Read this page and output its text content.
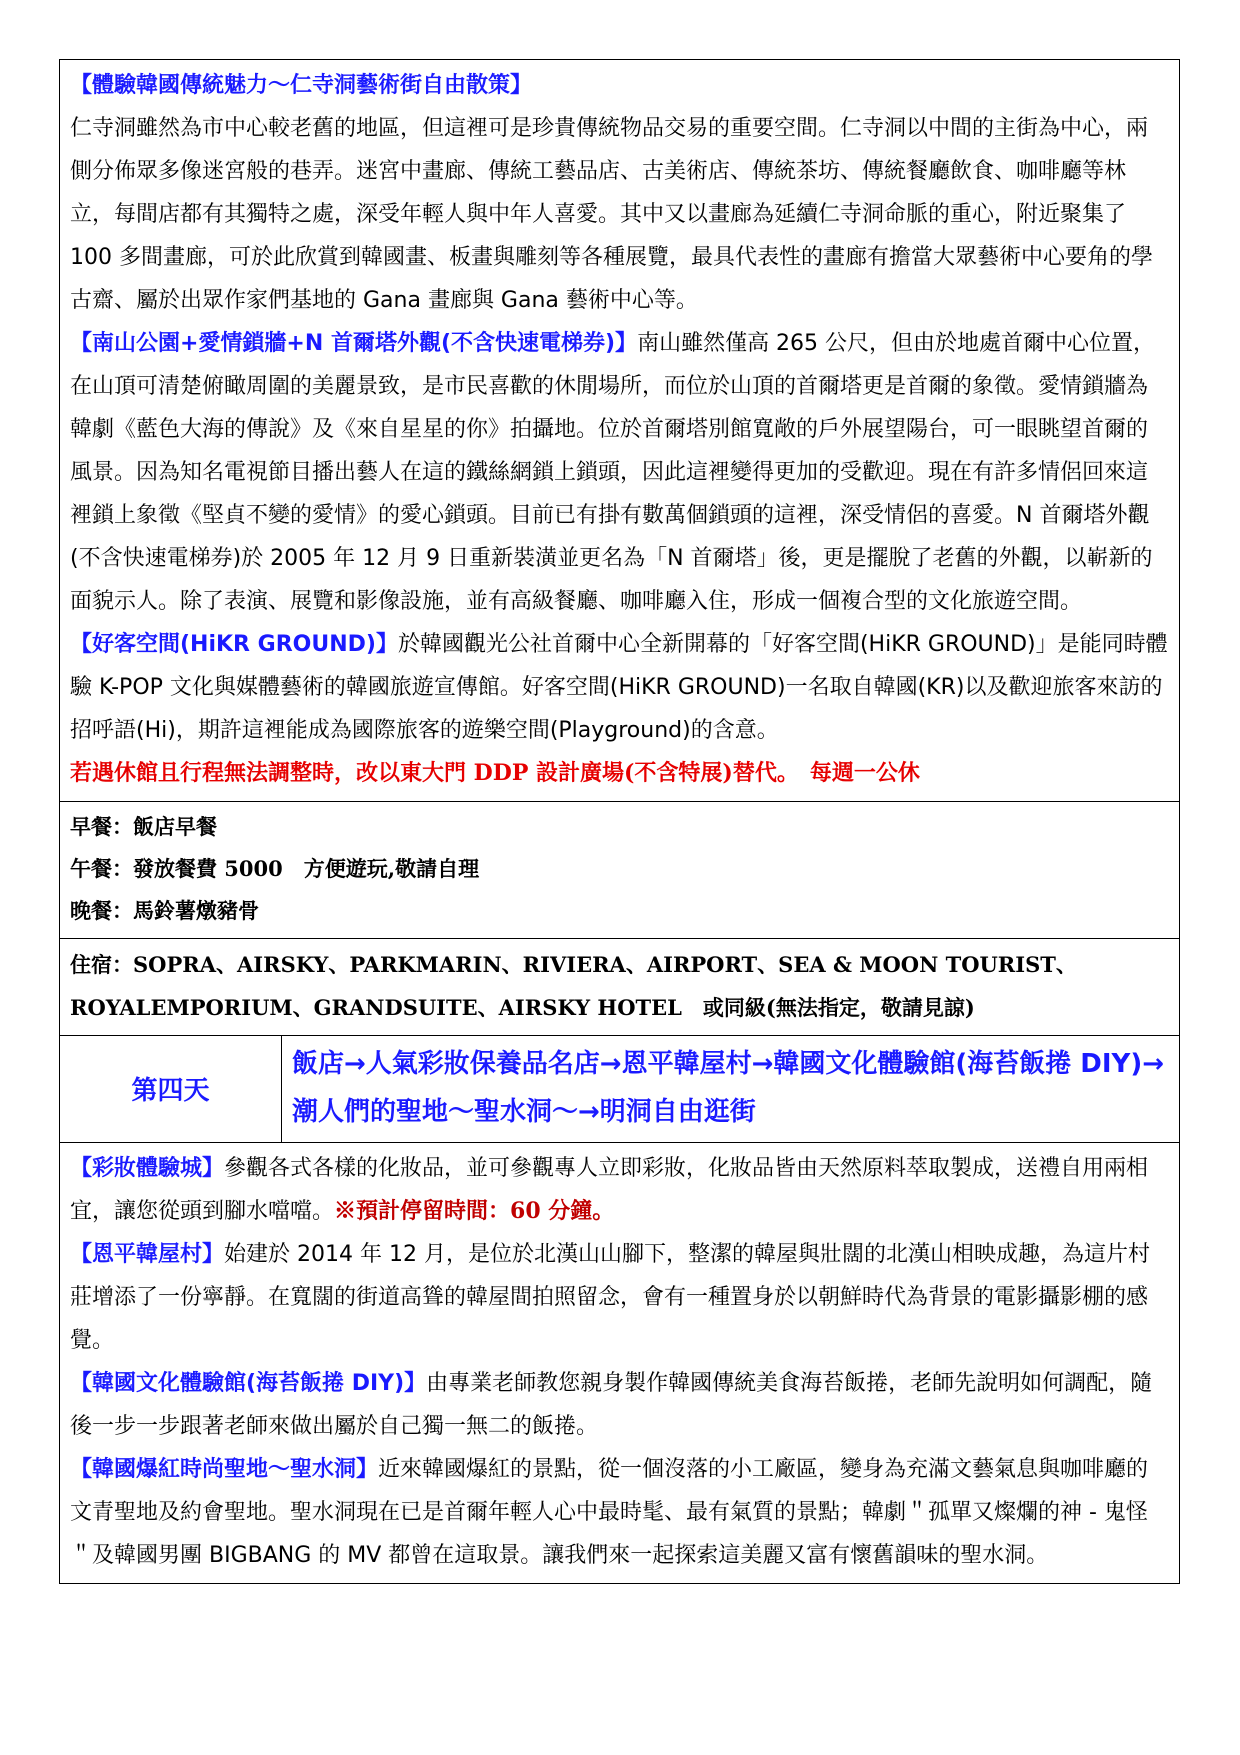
【體驗韓國傳統魅力～仁寺洞藝術街自由散策】
仁寺洞雖然為市中心較老舊的地區，但這裡可是珍貴傳統物品交易的重要空間。仁寺洞以中間的主街為中心，兩側分佈眾多像迷宮般的巷弄。迷宮中畫廊、傳統工藝品店、古美術店、傳統茶坊、傳統餐廳飲食、咖啡廳等林立，每間店都有其獨特之處，深受年輕人與中年人喜愛。其中又以畫廊為延續仁寺洞命脈的重心，附近聚集了 100 多間畫廊，可於此欣賞到韓國畫、板畫與雕刻等各種展覽，最具代表性的畫廊有擔當大眾藝術中心要角的學古齋、屬於出眾作家們基地的 Gana 畫廊與 Gana 藝術中心等。

【南山公園+愛情鎖牆+N 首爾塔外觀(不含快速電梯券)】南山雖然僅高 265 公尺，但由於地處首爾中心位置，在山頂可清楚俯瞰周圍的美麗景致，是市民喜歡的休閒場所，而位於山頂的首爾塔更是首爾的象徵。愛情鎖牆為韓劇《藍色大海的傳說》及《來自星星的你》拍攝地。位於首爾塔別館寬敞的戶外展望陽台，可一眼眺望首爾的風景。因為知名電視節目播出藝人在這的鐵絲網鎖上鎖頭，因此這裡變得更加的受歡迎。現在有許多情侶回來這裡鎖上象徵《堅貞不變的愛情》的愛心鎖頭。目前已有掛有數萬個鎖頭的這裡，深受情侶的喜愛。N 首爾塔外觀(不含快速電梯券)於 2005 年 12 月 9 日重新裝潢並更名為「N 首爾塔」後，更是擺脫了老舊的外觀，以嶄新的面貌示人。除了表演、展覽和影像設施，並有高級餐廳、咖啡廳入住，形成一個複合型的文化旅遊空間。

【好客空間(HiKR GROUND)】於韓國觀光公社首爾中心全新開幕的「好客空間(HiKR GROUND)」是能同時體驗 K-POP 文化與媒體藝術的韓國旅遊宣傳館。好客空間(HiKR GROUND)一名取自韓國(KR)以及歡迎旅客來訪的招呼語(Hi)，期許這裡能成為國際旅客的遊樂空間(Playground)的含意。
若遇休館且行程無法調整時，改以東大門 DDP 設計廣場(不含特展)替代。　每週一公休

早餐：飯店早餐

午餐：發放餐費 5000　方便遊玩,敬請自理

晚餐：馬鈴薯燉豬骨

住宿：SOPRA、AIRSKY、PARKMARIN、RIVIERA、AIRPORT、SEA & MOON TOURIST、ROYALEMPORIUM、GRANDSUITE、AIRSKY HOTEL　或同級(無法指定，敬請見諒)

第四天	飯店→人氣彩妝保養品名店→恩平韓屋村→韓國文化體驗館(海苔飯捲 DIY)→潮人們的聖地～聖水洞～→明洞自由逛街

【彩妝體驗城】參觀各式各樣的化妝品，並可參觀專人立即彩妝，化妝品皆由天然原料萃取製成，送禮自用兩相宜，讓您從頭到腳水噹噹。※預計停留時間：60 分鐘。

【恩平韓屋村】始建於 2014 年 12 月，是位於北漢山山腳下，整潔的韓屋與壯闊的北漢山相映成趣，為這片村莊增添了一份寧靜。在寬闊的街道高聳的韓屋間拍照留念，會有一種置身於以朝鮮時代為背景的電影攝影棚的感覺。

【韓國文化體驗館(海苔飯捲 DIY)】由專業老師教您親身製作韓國傳統美食海苔飯捲，老師先說明如何調配，隨後一步一步跟著老師來做出屬於自己獨一無二的飯捲。

【韓國爆紅時尚聖地～聖水洞】近來韓國爆紅的景點，從一個沒落的小工廠區，變身為充滿文藝氣息與咖啡廳的文青聖地及約會聖地。聖水洞現在已是首爾年輕人心中最時髦、最有氣質的景點；韓劇＂孤單又燦爛的神 - 鬼怪＂及韓國男團 BIGBANG 的 MV 都曾在這取景。讓我們來一起探索這美麗又富有懷舊韻味的聖水洞。
